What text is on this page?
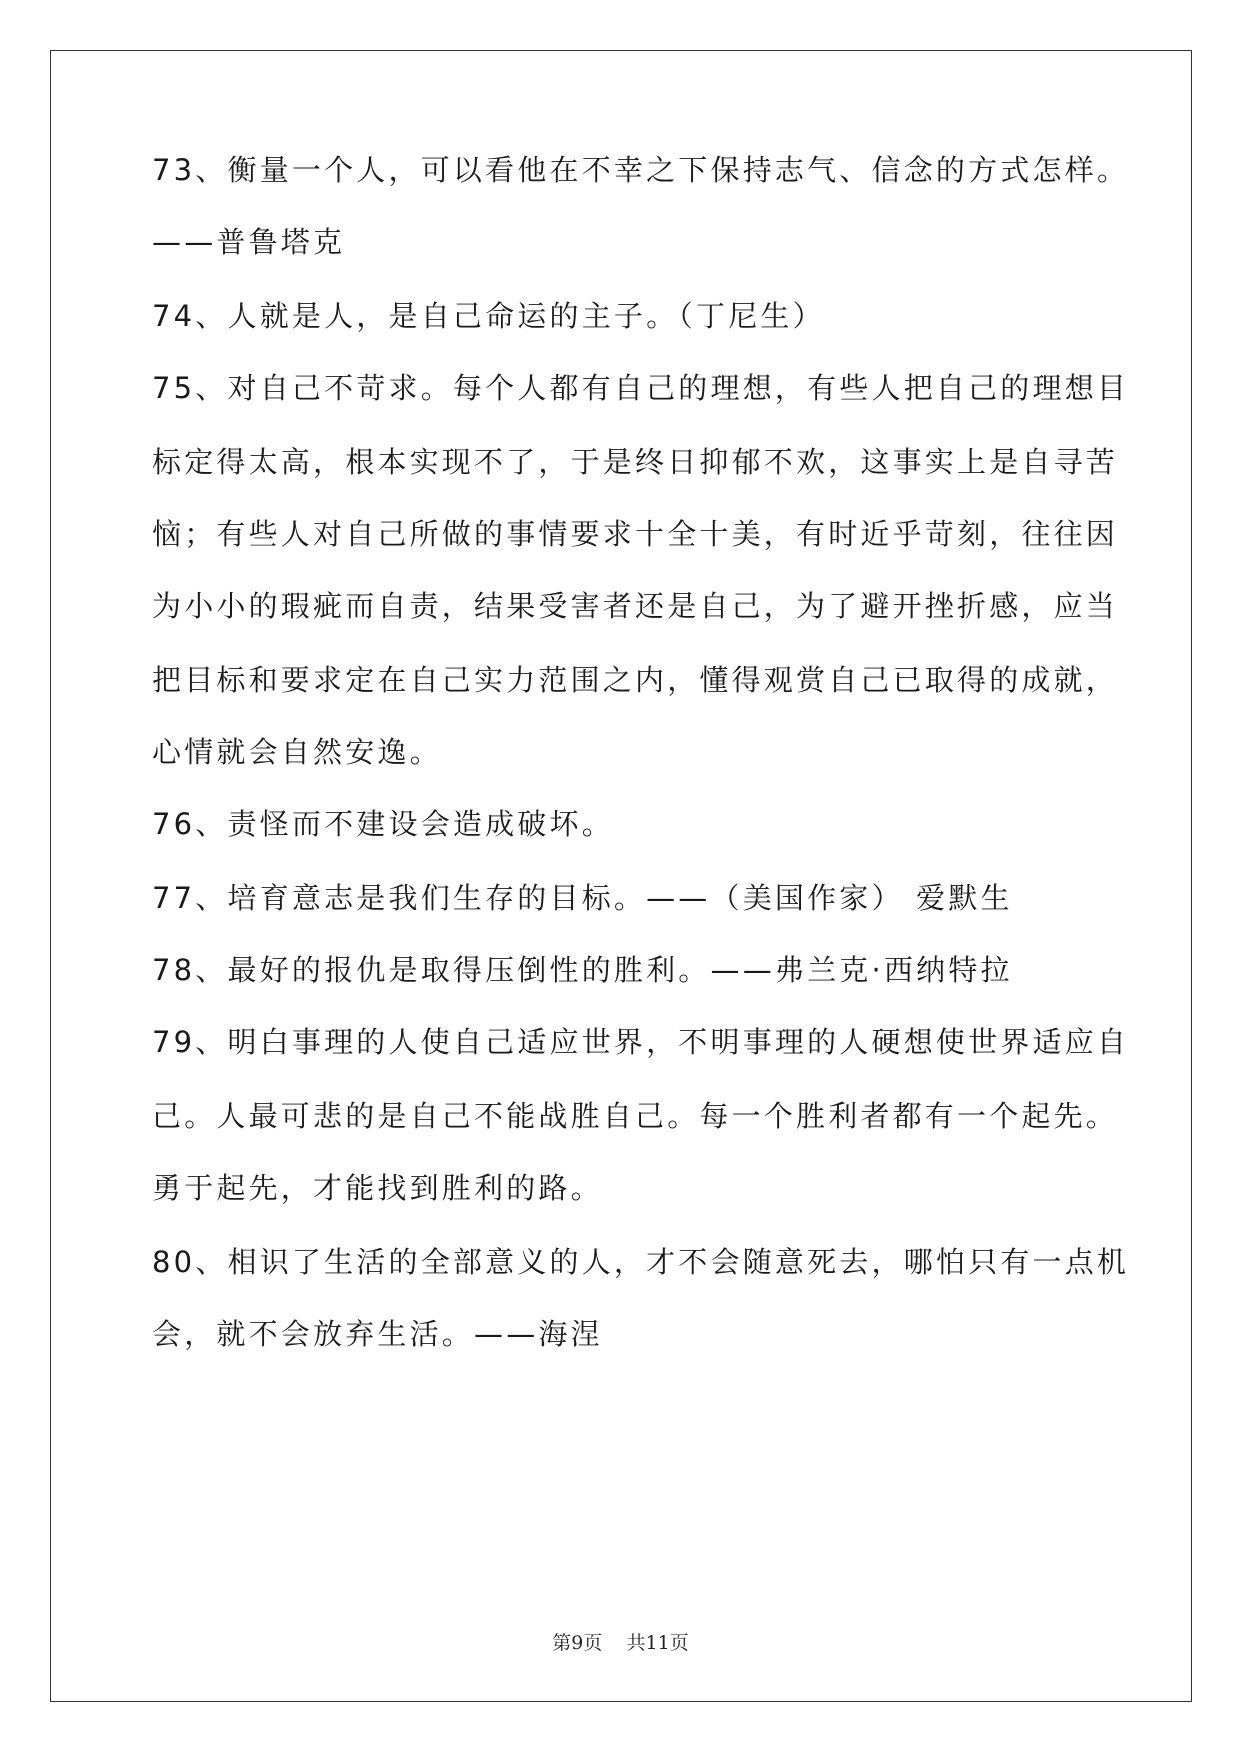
73、衡量一个人，可以看他在不幸之下保持志气、信念的方式怎样。
——普鲁塔克
74、人就是人，是自己命运的主子。（丁尼生）
75、对自己不苛求。每个人都有自己的理想，有些人把自己的理想目
标定得太高，根本实现不了，于是终日抑郁不欢，这事实上是自寻苦
恼；有些人对自己所做的事情要求十全十美，有时近乎苛刻，往往因
为小小的瑕疵而自责，结果受害者还是自己，为了避开挫折感，应当
把目标和要求定在自己实力范围之内，懂得观赏自己已取得的成就，
心情就会自然安逸。
76、责怪而不建设会造成破坏。
77、培育意志是我们生存的目标。——（美国作家） 爱默生
78、最好的报仇是取得压倒性的胜利。——弗兰克·西纳特拉
79、明白事理的人使自己适应世界，不明事理的人硬想使世界适应自
己。人最可悲的是自己不能战胜自己。每一个胜利者都有一个起先。
勇于起先，才能找到胜利的路。
80、相识了生活的全部意义的人，才不会随意死去，哪怕只有一点机
会，就不会放弃生活。——海涅
第9页 共11页
